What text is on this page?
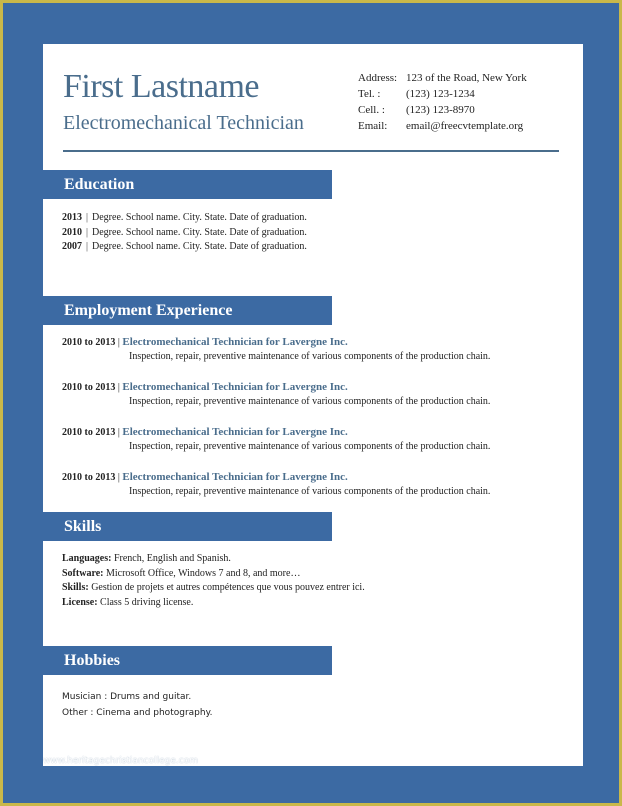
First Lastname
Electromechanical Technician
Address: 123 of the Road, New York
Tel. :	(123) 123-1234
Cell. :	(123) 123-8970
Email:	email@freecvtemplate.org
Education
2013 | Degree. School name. City. State. Date of graduation.
2010 | Degree. School name. City. State. Date of graduation.
2007 | Degree. School name. City. State. Date of graduation.
Employment Experience
2010 to 2013 | Electromechanical Technician for Lavergne Inc.
Inspection, repair, preventive maintenance of various components of the production chain.
2010 to 2013 | Electromechanical Technician for Lavergne Inc.
Inspection, repair, preventive maintenance of various components of the production chain.
2010 to 2013 | Electromechanical Technician for Lavergne Inc.
Inspection, repair, preventive maintenance of various components of the production chain.
2010 to 2013 | Electromechanical Technician for Lavergne Inc.
Inspection, repair, preventive maintenance of various components of the production chain.
Skills
Languages: French, English and Spanish.
Software: Microsoft Office, Windows 7 and 8, and more…
Skills: Gestion de projets et autres compétences que vous pouvez entrer ici.
License: Class 5 driving license.
Hobbies
Musician : Drums and guitar.
Other : Cinema and photography.
www.heritagechristiancollege.com
